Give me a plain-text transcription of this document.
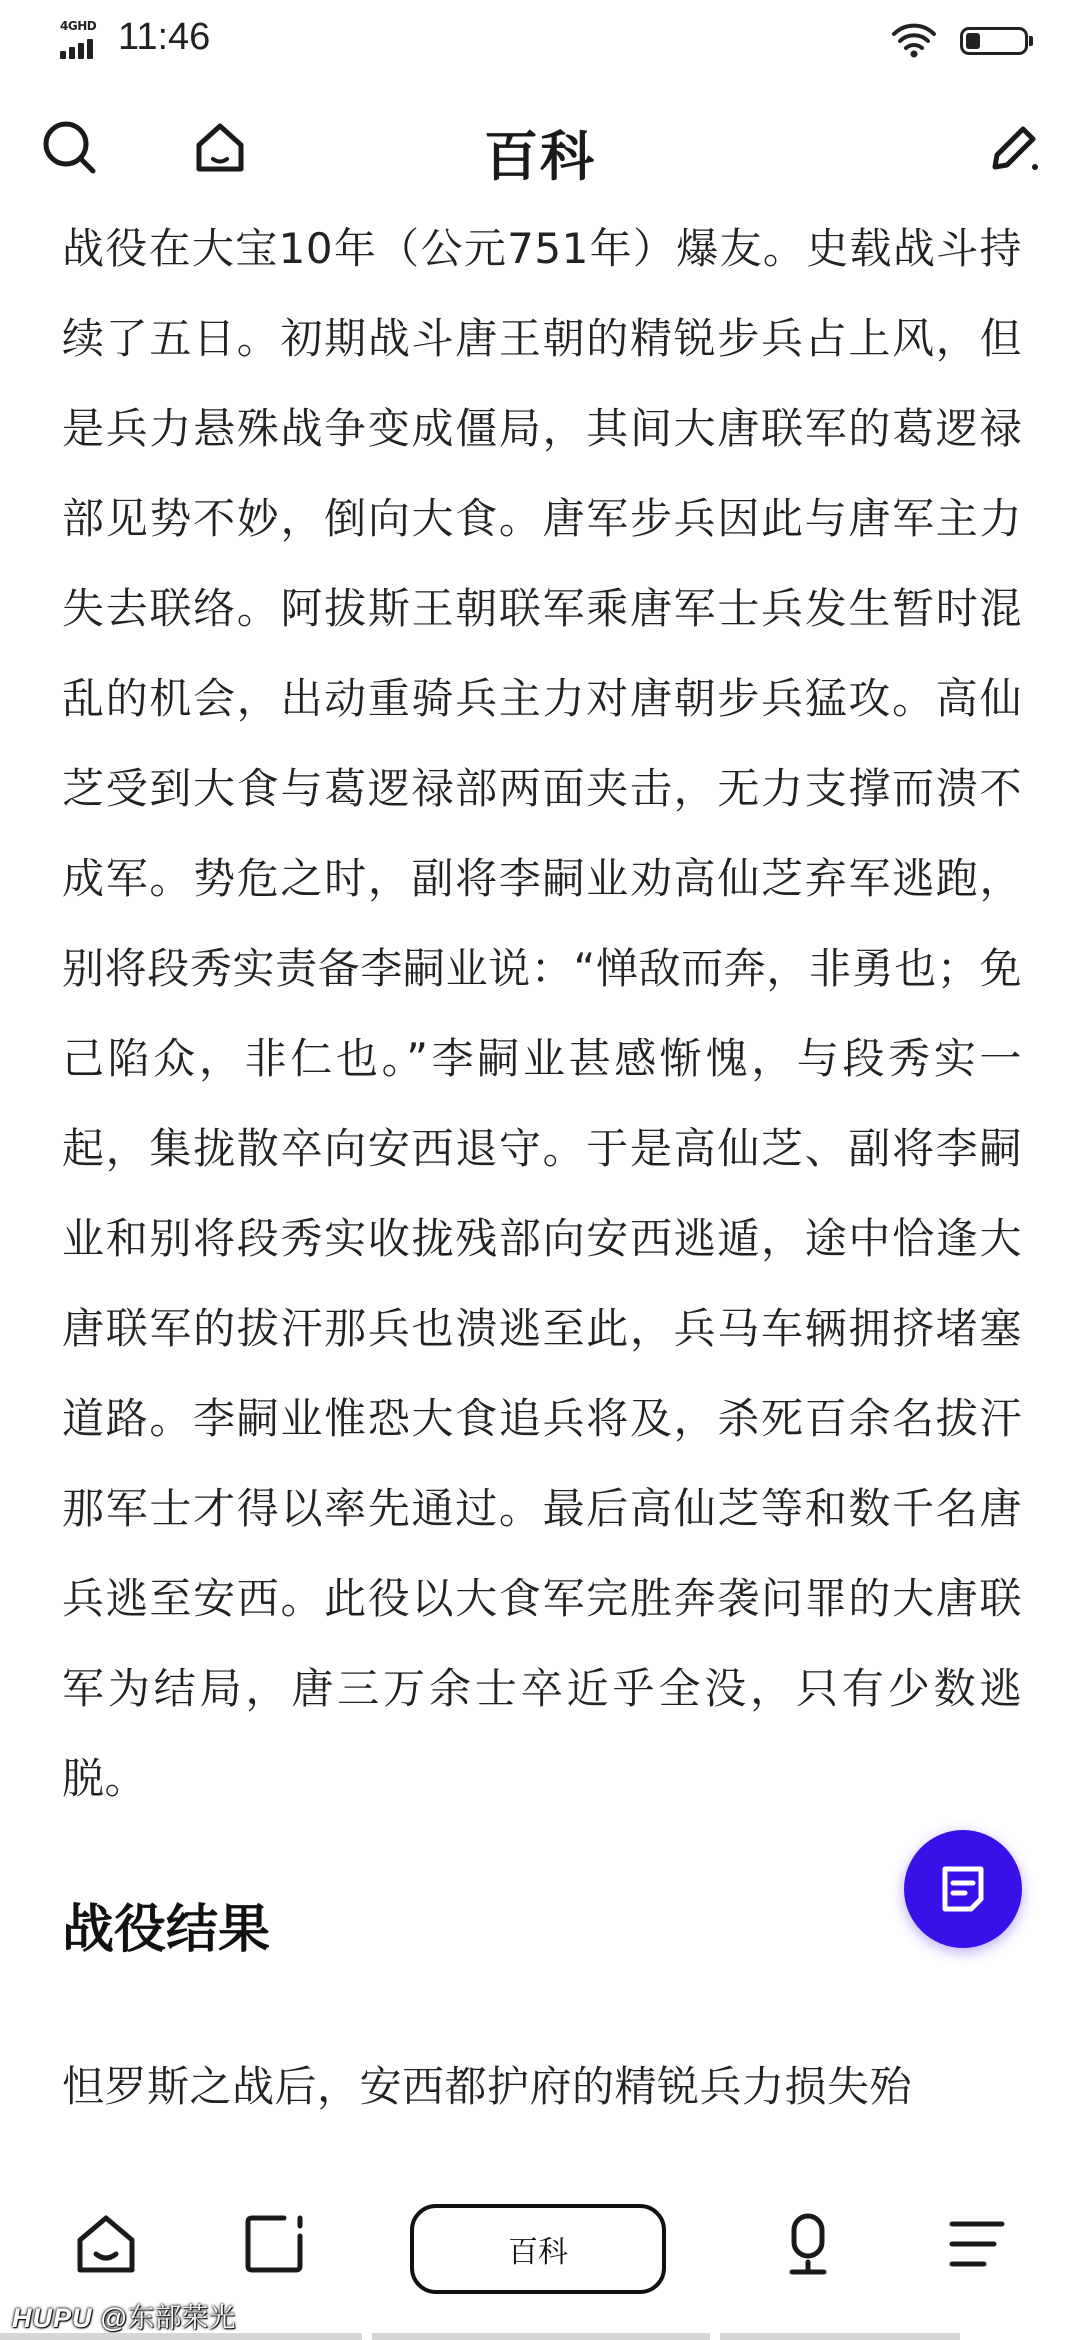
4GHD 11:46
百科

战役在大宝10年（公元751年）爆友。史载战斗持续了五日。初期战斗唐王朝的精锐步兵占上风，但是兵力悬殊战争变成僵局，其间大唐联军的葛逻禄部见势不妙，倒向大食。唐军步兵因此与唐军主力失去联络。阿拔斯王朝联军乘唐军士兵发生暂时混乱的机会，出动重骑兵主力对唐朝步兵猛攻。高仙芝受到大食与葛逻禄部两面夹击，无力支撑而溃不成军。势危之时，副将李嗣业劝高仙芝弃军逃跑，别将段秀实责备李嗣业说：“惮敌而奔，非勇也；免己陷众，非仁也。”李嗣业甚感惭愧，与段秀实一起，集拢散卒向安西退守。于是高仙芝、副将李嗣业和别将段秀实收拢残部向安西逃遁，途中恰逢大唐联军的拔汗那兵也溃逃至此，兵马车辆拥挤堵塞道路。李嗣业惟恐大食追兵将及，杀死百余名拔汗那军士才得以率先通过。最后高仙芝等和数千名唐兵逃至安西。此役以大食军完胜奔袭问罪的大唐联军为结局，唐三万余士卒近乎全没，只有少数逃脱。

战役结果

怛罗斯之战后，安西都护府的精锐兵力损失殆

百科
HUPU @东部荣光
